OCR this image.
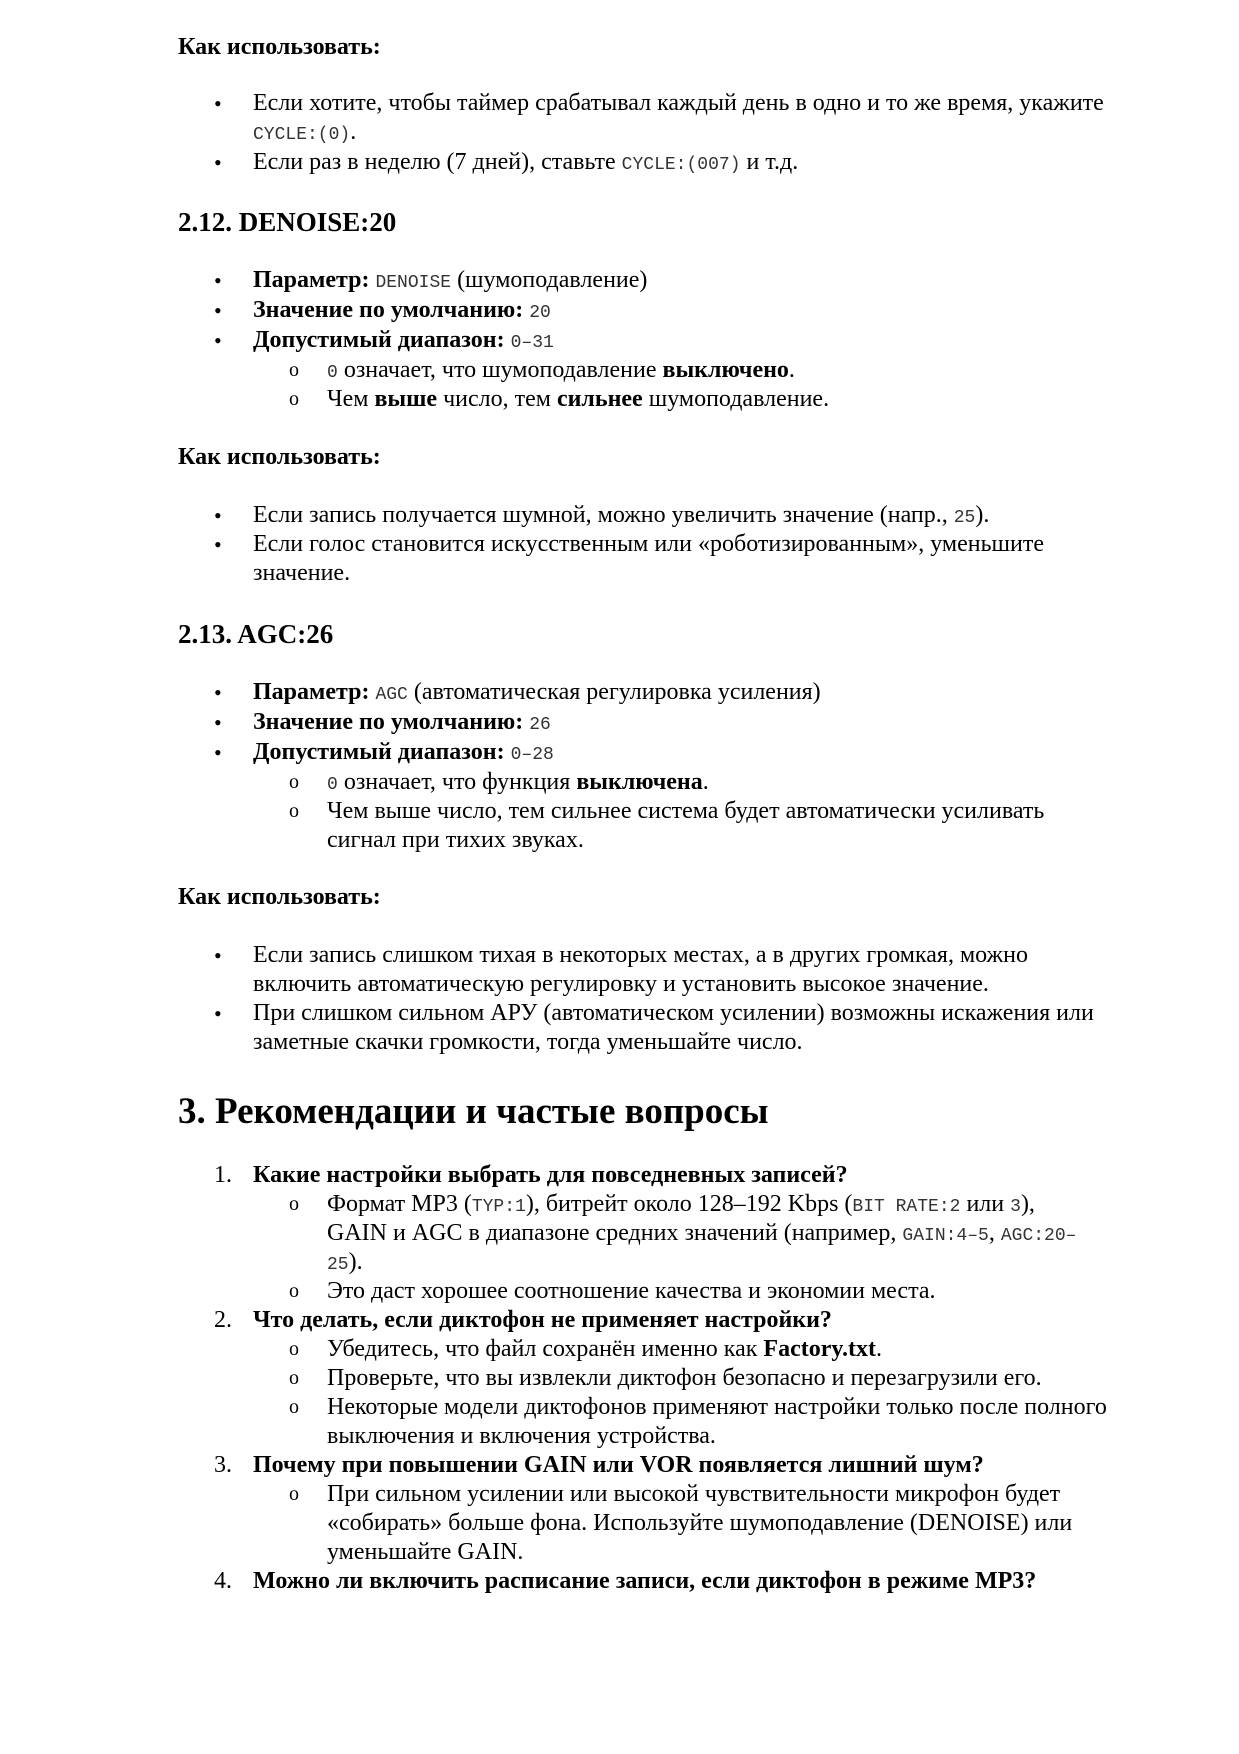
Как использовать:
• Если хотите, чтобы таймер срабатывал каждый день в одно и то же время, укажите
CYCLE:(0).
• Если раз в неделю (7 дней), ставьте CYCLE:(007) и т.д.
2.12. DENOISE:20
• Параметр: DENOISE (шумоподавление)
• Значение по умолчанию: 20
• Допустимый диапазон: 0–31
o 0 означает, что шумоподавление выключено.
o Чем выше число, тем сильнее шумоподавление.
Как использовать:
• Если запись получается шумной, можно увеличить значение (напр., 25).
• Если голос становится искусственным или «роботизированным», уменьшите
значение.
2.13. AGC:26
• Параметр: AGC (автоматическая регулировка усиления)
• Значение по умолчанию: 26
• Допустимый диапазон: 0–28
o 0 означает, что функция выключена.
o Чем выше число, тем сильнее система будет автоматически усиливать
сигнал при тихих звуках.
Как использовать:
• Если запись слишком тихая в некоторых местах, а в других громкая, можно
включить автоматическую регулировку и установить высокое значение.
• При слишком сильном АРУ (автоматическом усилении) возможны искажения или
заметные скачки громкости, тогда уменьшайте число.
3. Рекомендации и частые вопросы
1. Какие настройки выбрать для повседневных записей?
o Формат MP3 (TYP:1), битрейт около 128–192 Kbps (BIT RATE:2 или 3),
GAIN и AGC в диапазоне средних значений (например, GAIN:4–5, AGC:20–
25).
o Это даст хорошее соотношение качества и экономии места.
2. Что делать, если диктофон не применяет настройки?
o Убедитесь, что файл сохранён именно как Factory.txt.
o Проверьте, что вы извлекли диктофон безопасно и перезагрузили его.
o Некоторые модели диктофонов применяют настройки только после полного
выключения и включения устройства.
3. Почему при повышении GAIN или VOR появляется лишний шум?
o При сильном усилении или высокой чувствительности микрофон будет
«собирать» больше фона. Используйте шумоподавление (DENOISE) или
уменьшайте GAIN.
4. Можно ли включить расписание записи, если диктофон в режиме MP3?
